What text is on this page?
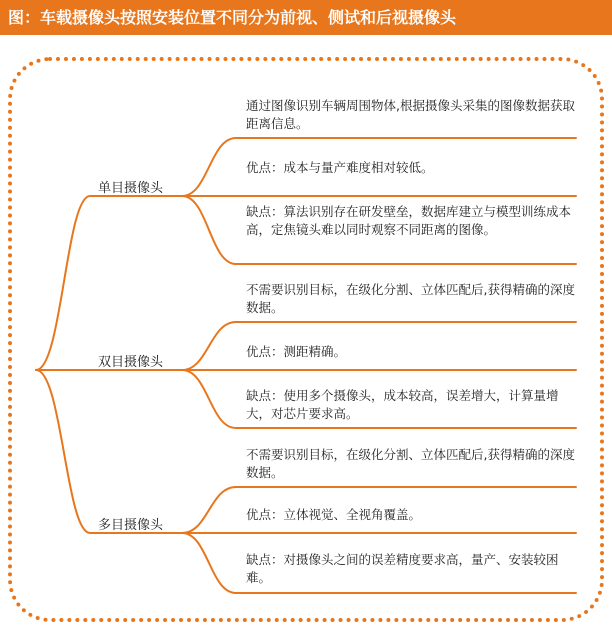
图：车载摄像头按照安装位置不同分为前视、侧试和后视摄像头
单目摄像头
双目摄像头
多目摄像头
通过图像识别车辆周围物体,根据摄像头采集的图像数据获取距离信息。
优点：成本与量产难度相对较低。
缺点：算法识别存在研发壁垒，数据库建立与模型训练成本高，定焦镜头难以同时观察不同距离的图像。
不需要识别目标，在级化分割、立体匹配后,获得精确的深度数据。
优点：测距精确。
缺点：使用多个摄像头，成本较高，误差增大，计算量增大，对芯片要求高。
不需要识别目标，在级化分割、立体匹配后,获得精确的深度数据。
优点：立体视觉、全视角覆盖。
缺点：对摄像头之间的误差精度要求高，量产、安装较困难。
